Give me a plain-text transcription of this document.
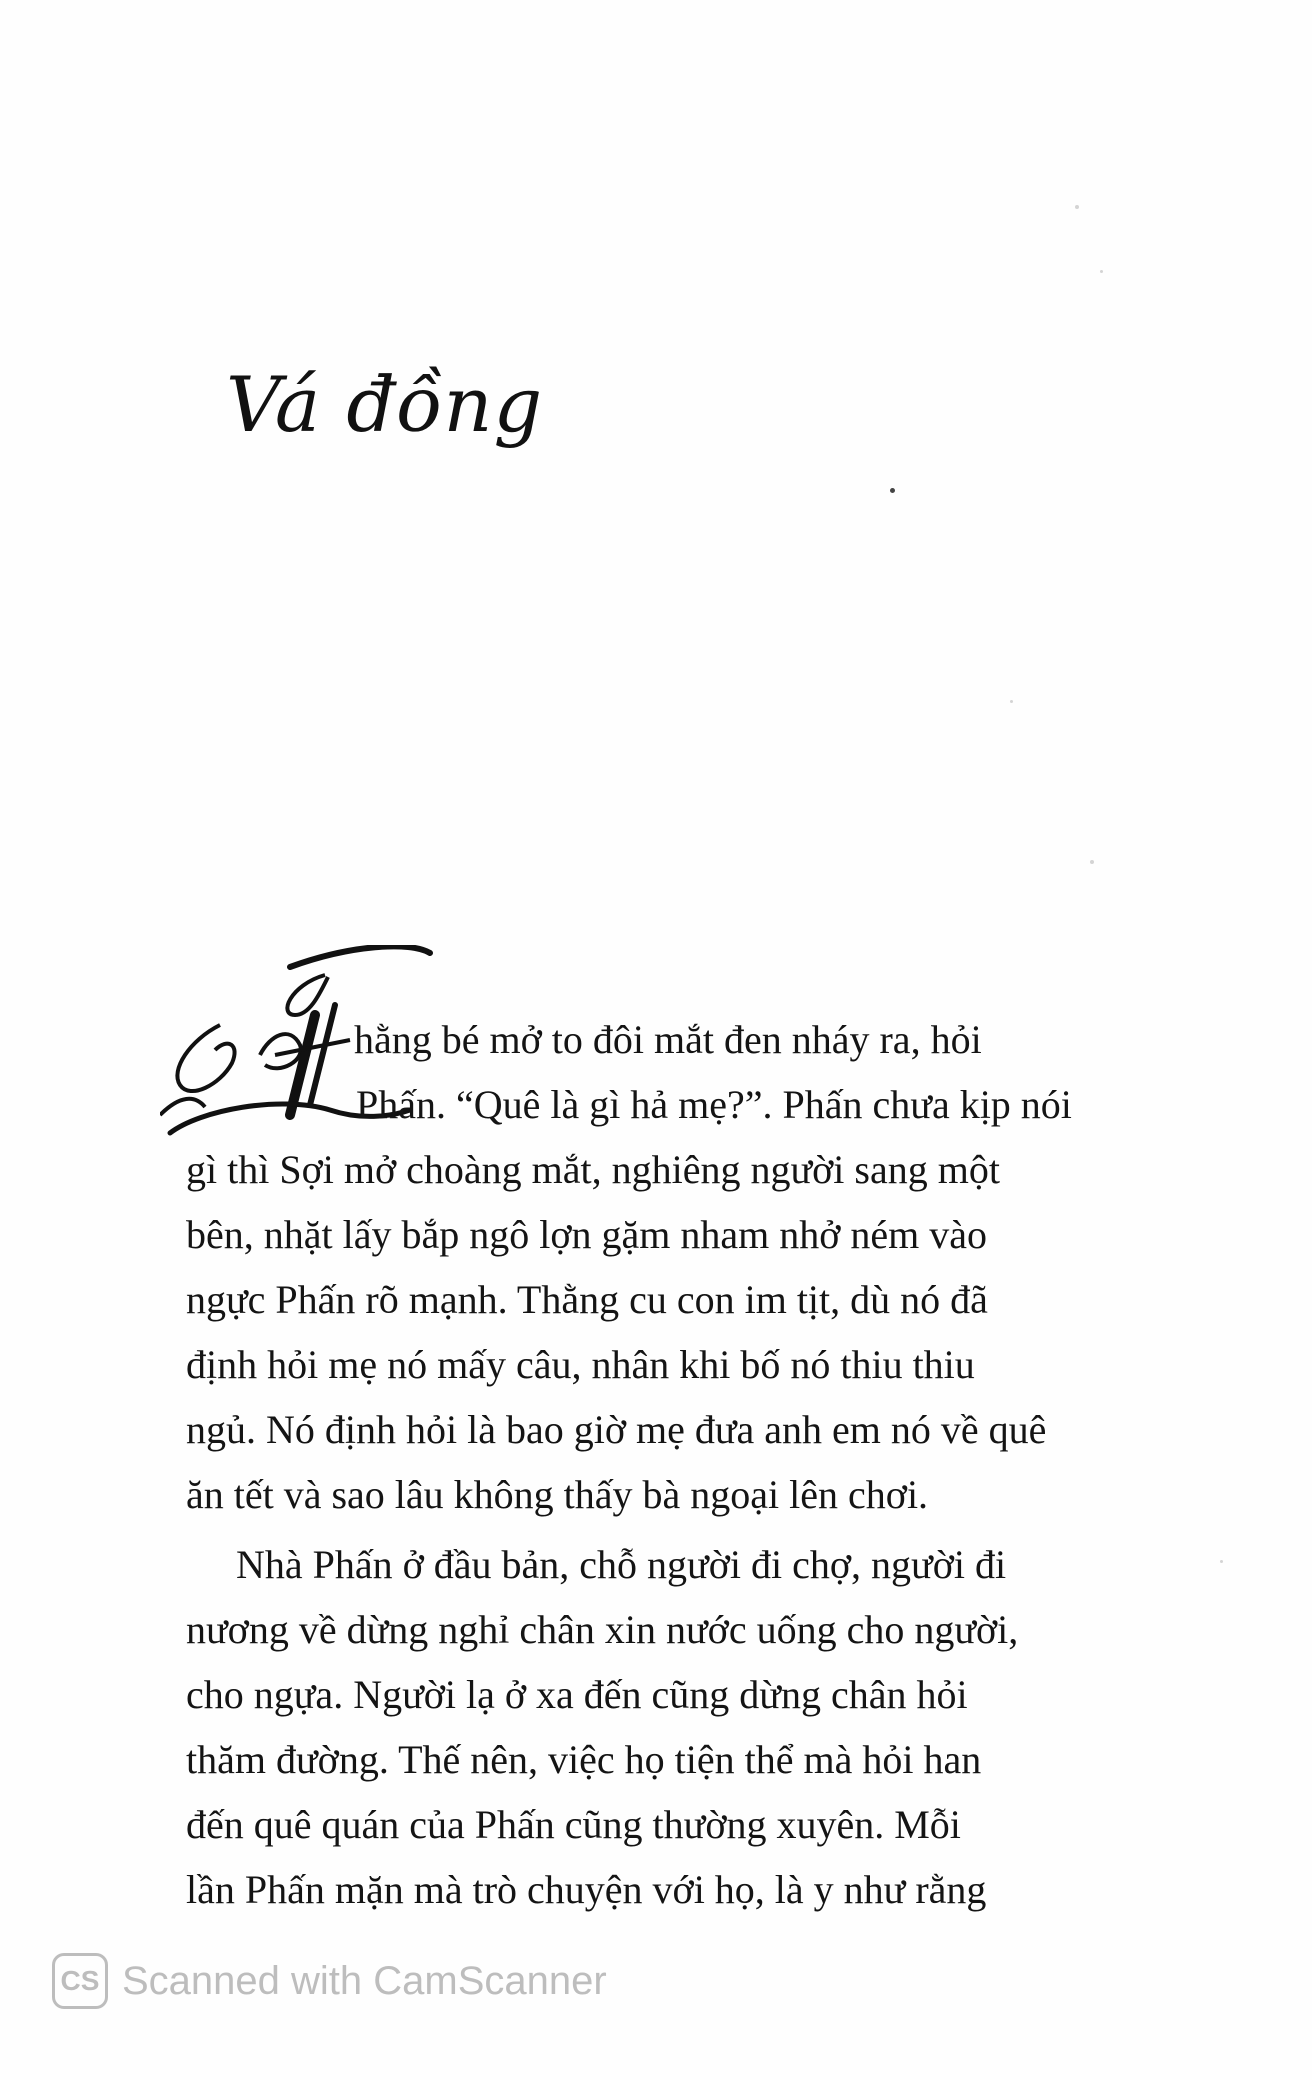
Vá đồng
hằng bé mở to đôi mắt đen nháy ra, hỏi
Phấn. “Quê là gì hả mẹ?”. Phấn chưa kịp nói
gì thì Sợi mở choàng mắt, nghiêng người sang một
bên, nhặt lấy bắp ngô lợn gặm nham nhở ném vào
ngực Phấn rõ mạnh. Thằng cu con im tịt, dù nó đã
định hỏi mẹ nó mấy câu, nhân khi bố nó thiu thiu
ngủ. Nó định hỏi là bao giờ mẹ đưa anh em nó về quê
ăn tết và sao lâu không thấy bà ngoại lên chơi.
Nhà Phấn ở đầu bản, chỗ người đi chợ, người đi
nương về dừng nghỉ chân xin nước uống cho người,
cho ngựa. Người lạ ở xa đến cũng dừng chân hỏi
thăm đường. Thế nên, việc họ tiện thể mà hỏi han
đến quê quán của Phấn cũng thường xuyên. Mỗi
lần Phấn mặn mà trò chuyện với họ, là y như rằng
CS Scanned with CamScanner
